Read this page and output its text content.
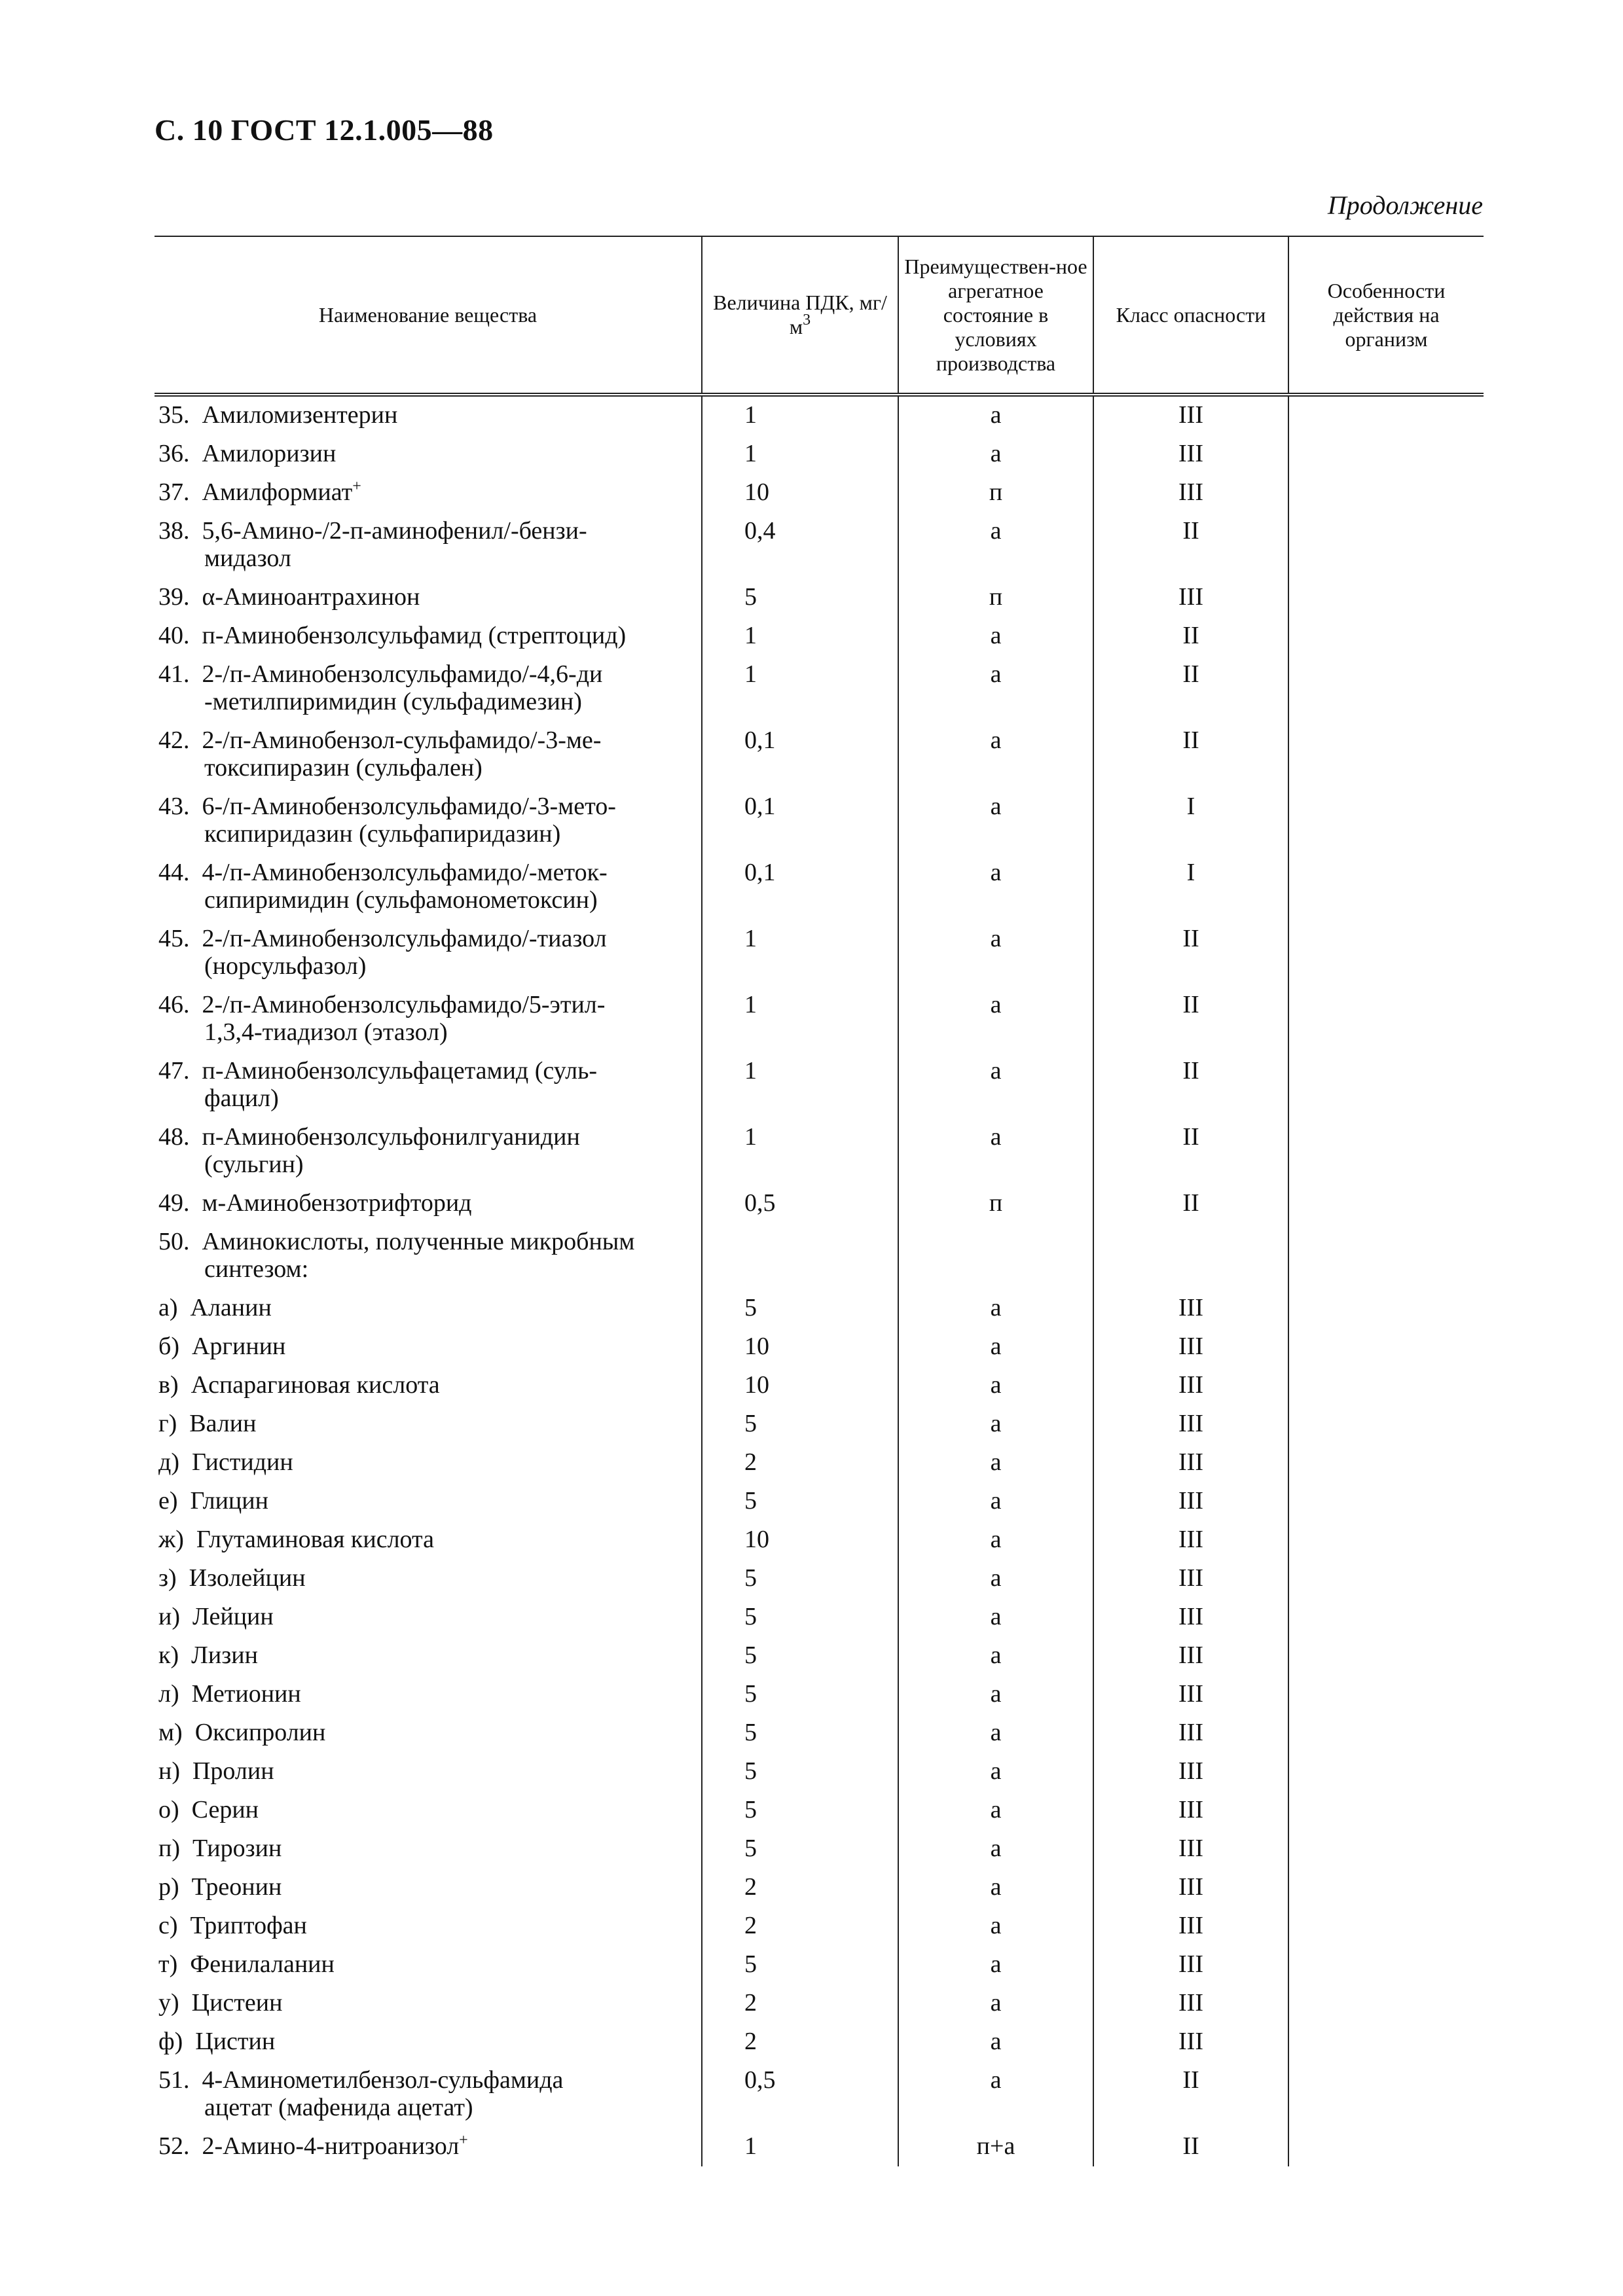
С. 10 ГОСТ 12.1.005—88
Продолжение
Наименование вещества	Величина ПДК, $мг/м^3$	Преимуществен-ное агрегатное состояние в условиях производства	Класс опасности	Особенности действия на организм
35.  Амиломизентерин	1	а	III	
36.  Амилоризин	1	а	III	
37.  Амилформиат+	10	п	III	
38.  5,6-Амино-/2-п-аминофенил/-бензи-
мидазол	0,4	а	II	
39.  α-Аминоантрахинон	5	п	III	
40.  п-Аминобензолсульфамид (стрептоцид)	1	а	II	
41.  2-/п-Аминобензолсульфамидо/-4,6-ди
-метилпиримидин (сульфадимезин)	1	а	II	
42.  2-/п-Аминобензол-сульфамидо/-3-ме-
токсипиразин (сульфален)	0,1	а	II	
43.  6-/п-Аминобензолсульфамидо/-3-мето-
ксипиридазин (сульфапиридазин)	0,1	а	I	
44.  4-/п-Аминобензолсульфамидо/-меток-
сипиримидин (сульфамонометоксин)	0,1	а	I	
45.  2-/п-Аминобензолсульфамидо/-тиазол
(норсульфазол)	1	а	II	
46.  2-/п-Аминобензолсульфамидо/5-этил-
1,3,4-тиадизол (этазол)	1	а	II	
47.  п-Аминобензолсульфацетамид (суль-
фацил)	1	а	II	
48.  п-Аминобензолсульфонилгуанидин
(сульгин)	1	а	II	
49.  м-Аминобензотрифторид	0,5	п	II	
50.  Аминокислоты, полученные микробным
синтезом:				
а)  Аланин	5	а	III	
б)  Аргинин	10	а	III	
в)  Аспарагиновая кислота	10	а	III	
г)  Валин	5	а	III	
д)  Гистидин	2	а	III	
е)  Глицин	5	а	III	
ж)  Глутаминовая кислота	10	а	III	
з)  Изолейцин	5	а	III	
и)  Лейцин	5	а	III	
к)  Лизин	5	а	III	
л)  Метионин	5	а	III	
м)  Оксипролин	5	а	III	
н)  Пролин	5	а	III	
о)  Серин	5	а	III	
п)  Тирозин	5	а	III	
р)  Треонин	2	а	III	
с)  Триптофан	2	а	III	
т)  Фенилаланин	5	а	III	
у)  Цистеин	2	а	III	
ф)  Цистин	2	а	III	
51.  4-Аминометилбензол-сульфамида
ацетат (мафенида ацетат)	0,5	а	II	
52.  2-Амино-4-нитроанизол+	1	п+а	II	
